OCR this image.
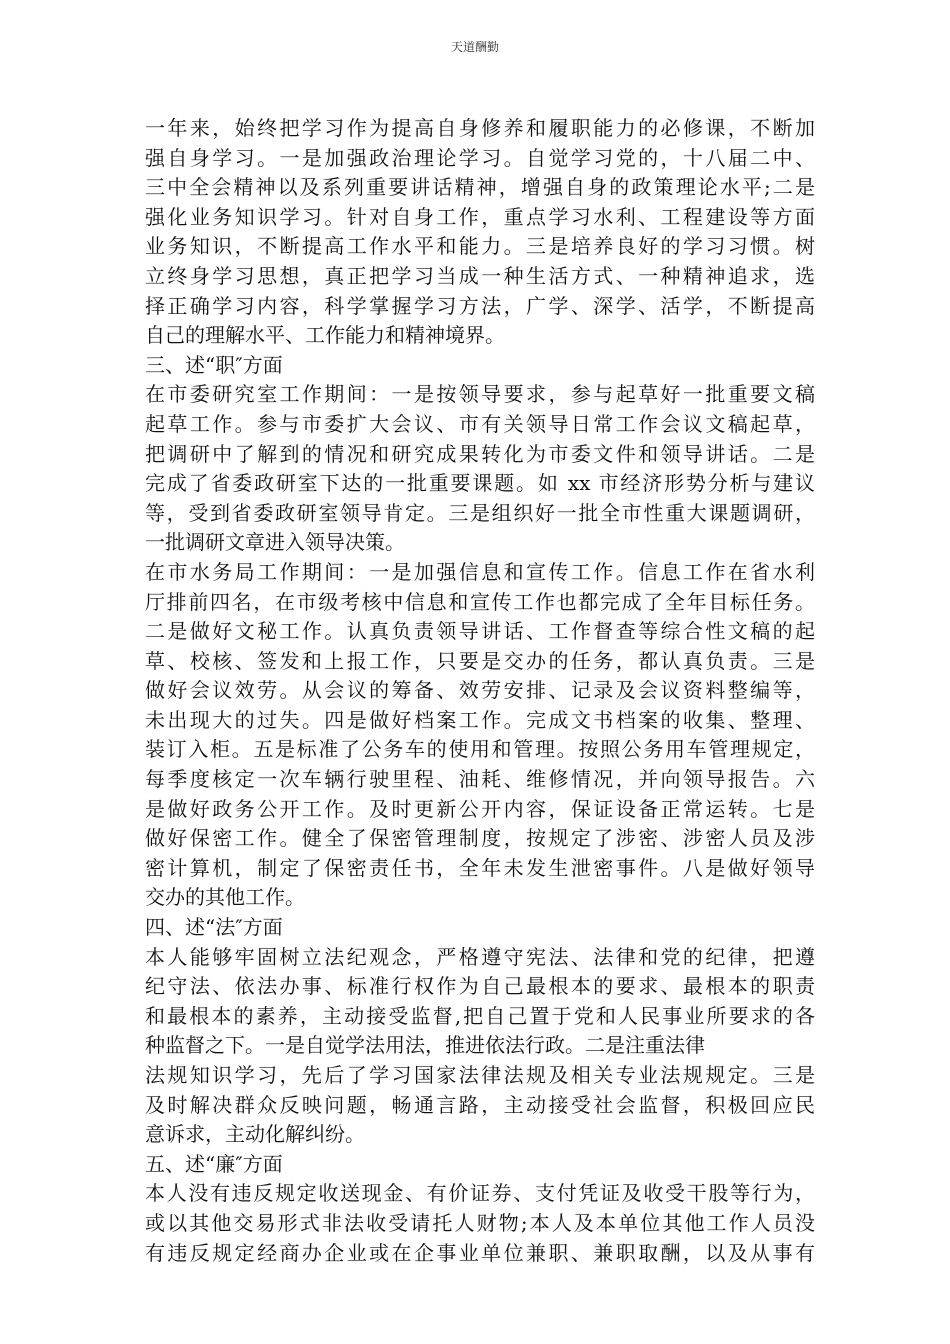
天道酬勤
一年来，始终把学习作为提高自身修养和履职能力的必修课，不断加
强自身学习。一是加强政治理论学习。自觉学习党的，十八届二中、
三中全会精神以及系列重要讲话精神，增强自身的政策理论水平;二是
强化业务知识学习。针对自身工作，重点学习水利、工程建设等方面
业务知识，不断提高工作水平和能力。三是培养良好的学习习惯。树
立终身学习思想，真正把学习当成一种生活方式、一种精神追求，选
择正确学习内容，科学掌握学习方法，广学、深学、活学，不断提高
自己的理解水平、工作能力和精神境界。
三、述“职″方面
在市委研究室工作期间：一是按领导要求，参与起草好一批重要文稿
起草工作。参与市委扩大会议、市有关领导日常工作会议文稿起草，
把调研中了解到的情况和研究成果转化为市委文件和领导讲话。二是
完成了省委政研室下达的一批重要课题。如 xx 市经济形势分析与建议
等，受到省委政研室领导肯定。三是组织好一批全市性重大课题调研，
一批调研文章进入领导决策。
在市水务局工作期间：一是加强信息和宣传工作。信息工作在省水利
厅排前四名，在市级考核中信息和宣传工作也都完成了全年目标任务。
二是做好文秘工作。认真负责领导讲话、工作督查等综合性文稿的起
草、校核、签发和上报工作，只要是交办的任务，都认真负责。三是
做好会议效劳。从会议的筹备、效劳安排、记录及会议资料整编等，
未出现大的过失。四是做好档案工作。完成文书档案的收集、整理、
装订入柜。五是标准了公务车的使用和管理。按照公务用车管理规定，
每季度核定一次车辆行驶里程、油耗、维修情况，并向领导报告。六
是做好政务公开工作。及时更新公开内容，保证设备正常运转。七是
做好保密工作。健全了保密管理制度，按规定了涉密、涉密人员及涉
密计算机，制定了保密责任书，全年未发生泄密事件。八是做好领导
交办的其他工作。
四、述“法″方面
本人能够牢固树立法纪观念，严格遵守宪法、法律和党的纪律，把遵
纪守法、依法办事、标准行权作为自己最根本的要求、最根本的职责
和最根本的素养，主动接受监督,把自己置于党和人民事业所要求的各
种监督之下。一是自觉学法用法，推进依法行政。二是注重法律
法规知识学习，先后了学习国家法律法规及相关专业法规规定。三是
及时解决群众反映问题，畅通言路，主动接受社会监督，积极回应民
意诉求，主动化解纠纷。
五、述“廉″方面
本人没有违反规定收送现金、有价证券、支付凭证及收受干股等行为，
或以其他交易形式非法收受请托人财物;本人及本单位其他工作人员没
有违反规定经商办企业或在企事业单位兼职、兼职取酬，以及从事有
